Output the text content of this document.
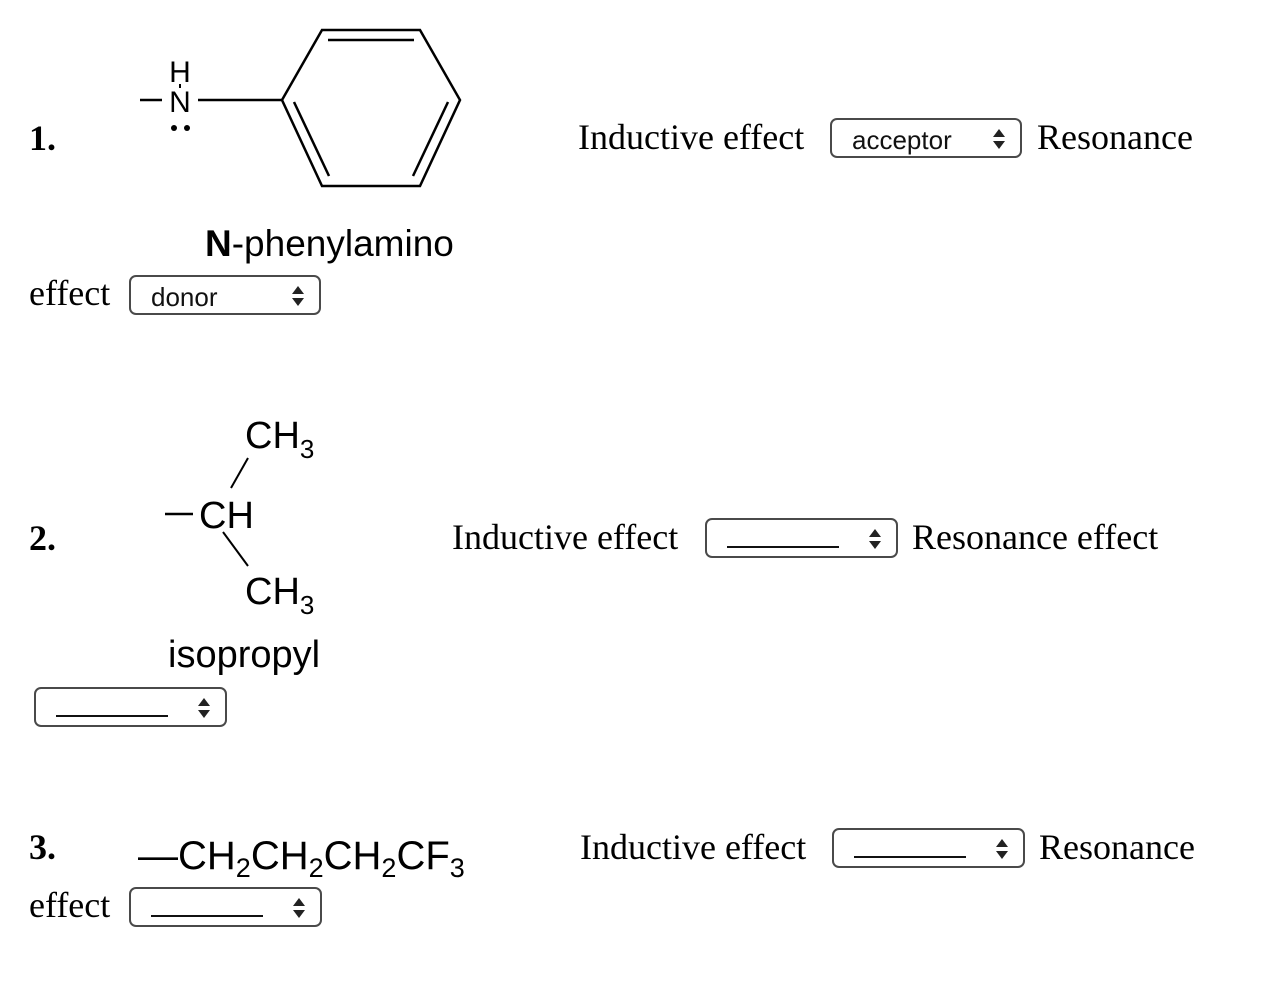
1.
H
N
N-phenylamino
Inductive effect acceptor Resonance
effect donor
2.
$CH_3$
CH
$CH_3$
isopropyl
Inductive effect	Resonance effect
3. $—CH_2CH_2CH_2CF_3$
Inductive effect	Resonance
effect
